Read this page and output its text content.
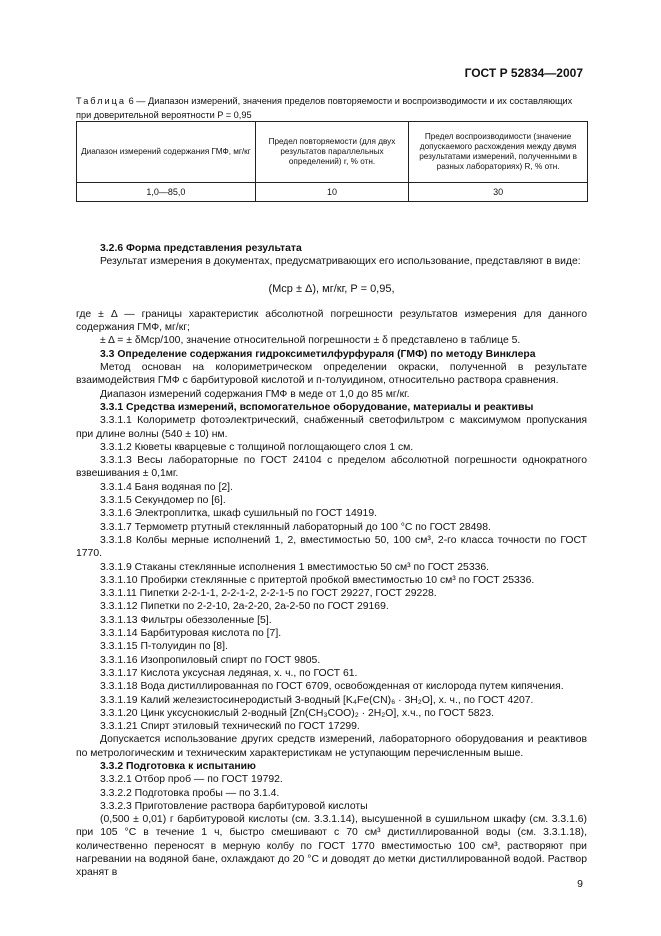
ГОСТ Р 52834—2007
Таблица 6 — Диапазон измерений, значения пределов повторяемости и воспроизводимости и их составляющих при доверительной вероятности P = 0,95
Диапазон измерений содержания ГМФ, мг/кг	Предел повторяемости (для двух результатов параллельных определений) r, % отн.	Предел воспроизводимости (значение допускаемого расхождения между двумя результатами измерений, полученными в разных лабораториях) R, % отн.
1,0—85,0	10	30

3.2.6 Форма представления результата

Результат измерения в документах, предусматривающих его использование, представляют в виде:

(Mср ± Δ), мг/кг, P = 0,95,

где ± Δ — границы характеристик абсолютной погрешности результатов измерения для данного содержания ГМФ, мг/кг;

± Δ = ± δMср/100, значение относительной погрешности ± δ представлено в таблице 5.

3.3 Определение содержания гидроксиметилфурфураля (ГМФ) по методу Винклера

Метод основан на колориметрическом определении окраски, полученной в результате взаимодействия ГМФ с барбитуровой кислотой и п-толуидином, относительно раствора сравнения.

Диапазон измерений содержания ГМФ в меде от 1,0 до 85 мг/кг.

3.3.1 Средства измерений, вспомогательное оборудование, материалы и реактивы

3.3.1.1 Колориметр фотоэлектрический, снабженный светофильтром с максимумом пропускания при длине волны (540 ± 10) нм.

3.3.1.2 Кюветы кварцевые с толщиной поглощающего слоя 1 см.

3.3.1.3 Весы лабораторные по ГОСТ 24104 с пределом абсолютной погрешности однократного взвешивания ± 0,1мг.

3.3.1.4 Баня водяная по [2].

3.3.1.5 Секундомер по [6].

3.3.1.6 Электроплитка, шкаф сушильный по ГОСТ 14919.

3.3.1.7 Термометр ртутный стеклянный лабораторный до 100 °С по ГОСТ 28498.

3.3.1.8 Колбы мерные исполнений 1, 2, вместимостью 50, 100 см³, 2-го класса точности по ГОСТ 1770.

3.3.1.9 Стаканы стеклянные исполнения 1 вместимостью 50 см³ по ГОСТ 25336.

3.3.1.10 Пробирки стеклянные с притертой пробкой вместимостью 10 см³ по ГОСТ 25336.

3.3.1.11 Пипетки 2-2-1-1, 2-2-1-2, 2-2-1-5 по ГОСТ 29227, ГОСТ 29228.

3.3.1.12 Пипетки по 2-2-10, 2а-2-20, 2а-2-50 по ГОСТ 29169.

3.3.1.13 Фильтры обеззоленные [5].

3.3.1.14 Барбитуровая кислота по [7].

3.3.1.15 П-толуидин по [8].

3.3.1.16 Изопропиловый спирт по ГОСТ 9805.

3.3.1.17 Кислота уксусная ледяная, х. ч., по ГОСТ 61.

3.3.1.18 Вода дистиллированная по ГОСТ 6709, освобожденная от кислорода путем кипячения.

3.3.1.19 Калий железистосинеродистый 3-водный [K₄Fe(CN)₆ · 3H₂O], х. ч., по ГОСТ 4207.

3.3.1.20 Цинк уксуснокислый 2-водный [Zn(CH₃COO)₂ · 2H₂O], х.ч., по ГОСТ 5823.

3.3.1.21 Спирт этиловый технический по ГОСТ 17299.

Допускается использование других средств измерений, лабораторного оборудования и реактивов по метрологическим и техническим характеристикам не уступающим перечисленным выше.

3.3.2 Подготовка к испытанию

3.3.2.1 Отбор проб — по ГОСТ 19792.

3.3.2.2 Подготовка пробы — по 3.1.4.

3.3.2.3 Приготовление раствора барбитуровой кислоты

(0,500 ± 0,01) г барбитуровой кислоты (см. 3.3.1.14), высушенной в сушильном шкафу (см. 3.3.1.6) при 105 °С в течение 1 ч, быстро смешивают с 70 см³ дистиллированной воды (см. 3.3.1.18), количественно переносят в мерную колбу по ГОСТ 1770 вместимостью 100 см³, растворяют при нагревании на водяной бане, охлаждают до 20 °С и доводят до метки дистиллированной водой. Раствор хранят в

9
